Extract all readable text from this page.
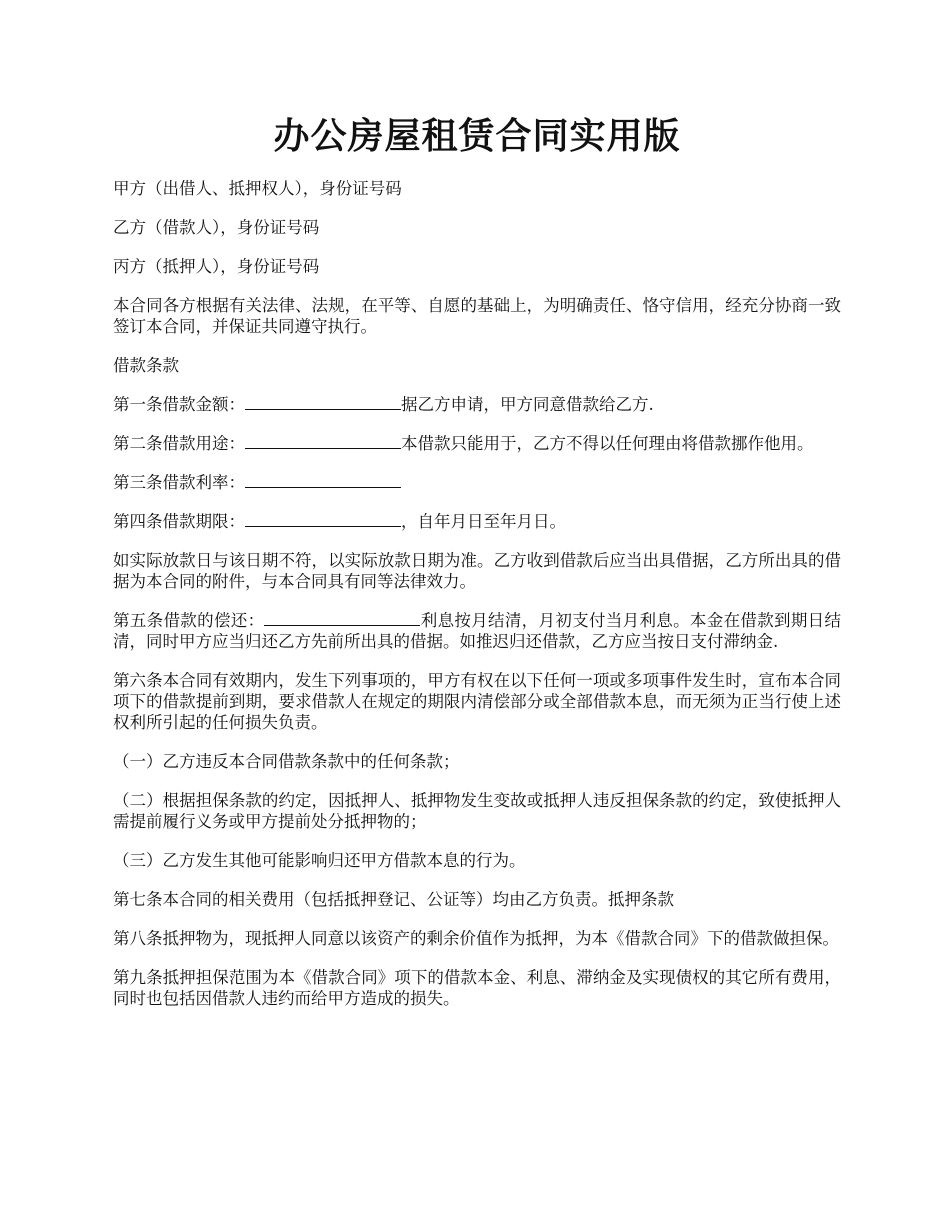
办公房屋租赁合同实用版

甲方（出借人、抵押权人），身份证号码

乙方（借款人），身份证号码

丙方（抵押人），身份证号码

本合同各方根据有关法律、法规，在平等、自愿的基础上，为明确责任、恪守信用，经充分协商一致签订本合同，并保证共同遵守执行。

借款条款

第一条借款金额：	据乙方申请，甲方同意借款给乙方.

第二条借款用途：	本借款只能用于，乙方不得以任何理由将借款挪作他用。

第三条借款利率：

第四条借款期限：	，自年月日至年月日。

如实际放款日与该日期不符，以实际放款日期为准。乙方收到借款后应当出具借据，乙方所出具的借据为本合同的附件，与本合同具有同等法律效力。

第五条借款的偿还：	利息按月结清，月初支付当月利息。本金在借款到期日结清，同时甲方应当归还乙方先前所出具的借据。如推迟归还借款，乙方应当按日支付滞纳金.

第六条本合同有效期内，发生下列事项的，甲方有权在以下任何一项或多项事件发生时，宣布本合同项下的借款提前到期，要求借款人在规定的期限内清偿部分或全部借款本息，而无须为正当行使上述权利所引起的任何损失负责。

（一）乙方违反本合同借款条款中的任何条款；

（二）根据担保条款的约定，因抵押人、抵押物发生变故或抵押人违反担保条款的约定，致使抵押人需提前履行义务或甲方提前处分抵押物的；

（三）乙方发生其他可能影响归还甲方借款本息的行为。

第七条本合同的相关费用（包括抵押登记、公证等）均由乙方负责。抵押条款

第八条抵押物为，现抵押人同意以该资产的剩余价值作为抵押，为本《借款合同》下的借款做担保。

第九条抵押担保范围为本《借款合同》项下的借款本金、利息、滞纳金及实现债权的其它所有费用，同时也包括因借款人违约而给甲方造成的损失。
